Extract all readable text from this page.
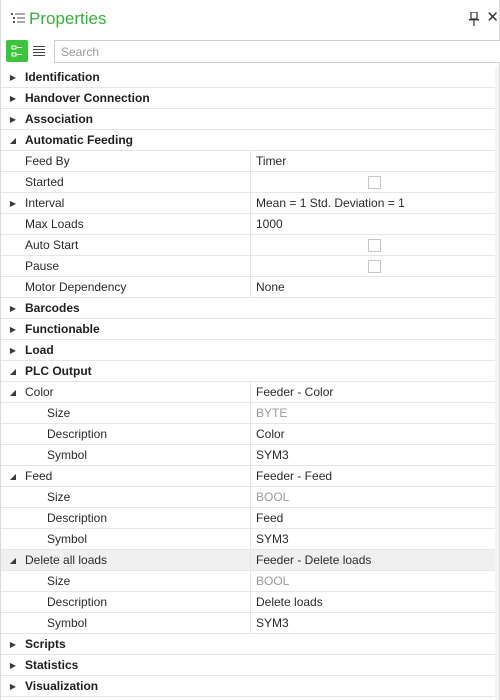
Properties	✕
Search
▶ Identification
▶ Handover Connection
▶ Association
◢ Automatic Feeding
Feed By	Timer
Started
▶ Interval	Mean = 1 Std. Deviation = 1
Max Loads	1000
Auto Start
Pause
Motor Dependency	None
▶ Barcodes
▶ Functionable
▶ Load
◢ PLC Output
◢ Color	Feeder - Color
Size	BYTE
Description	Color
Symbol	SYM3
◢ Feed	Feeder - Feed
Size	BOOL
Description	Feed
Symbol	SYM3
◢ Delete all loads	Feeder - Delete loads
Size	BOOL
Description	Delete loads
Symbol	SYM3
▶ Scripts
▶ Statistics
▶ Visualization
